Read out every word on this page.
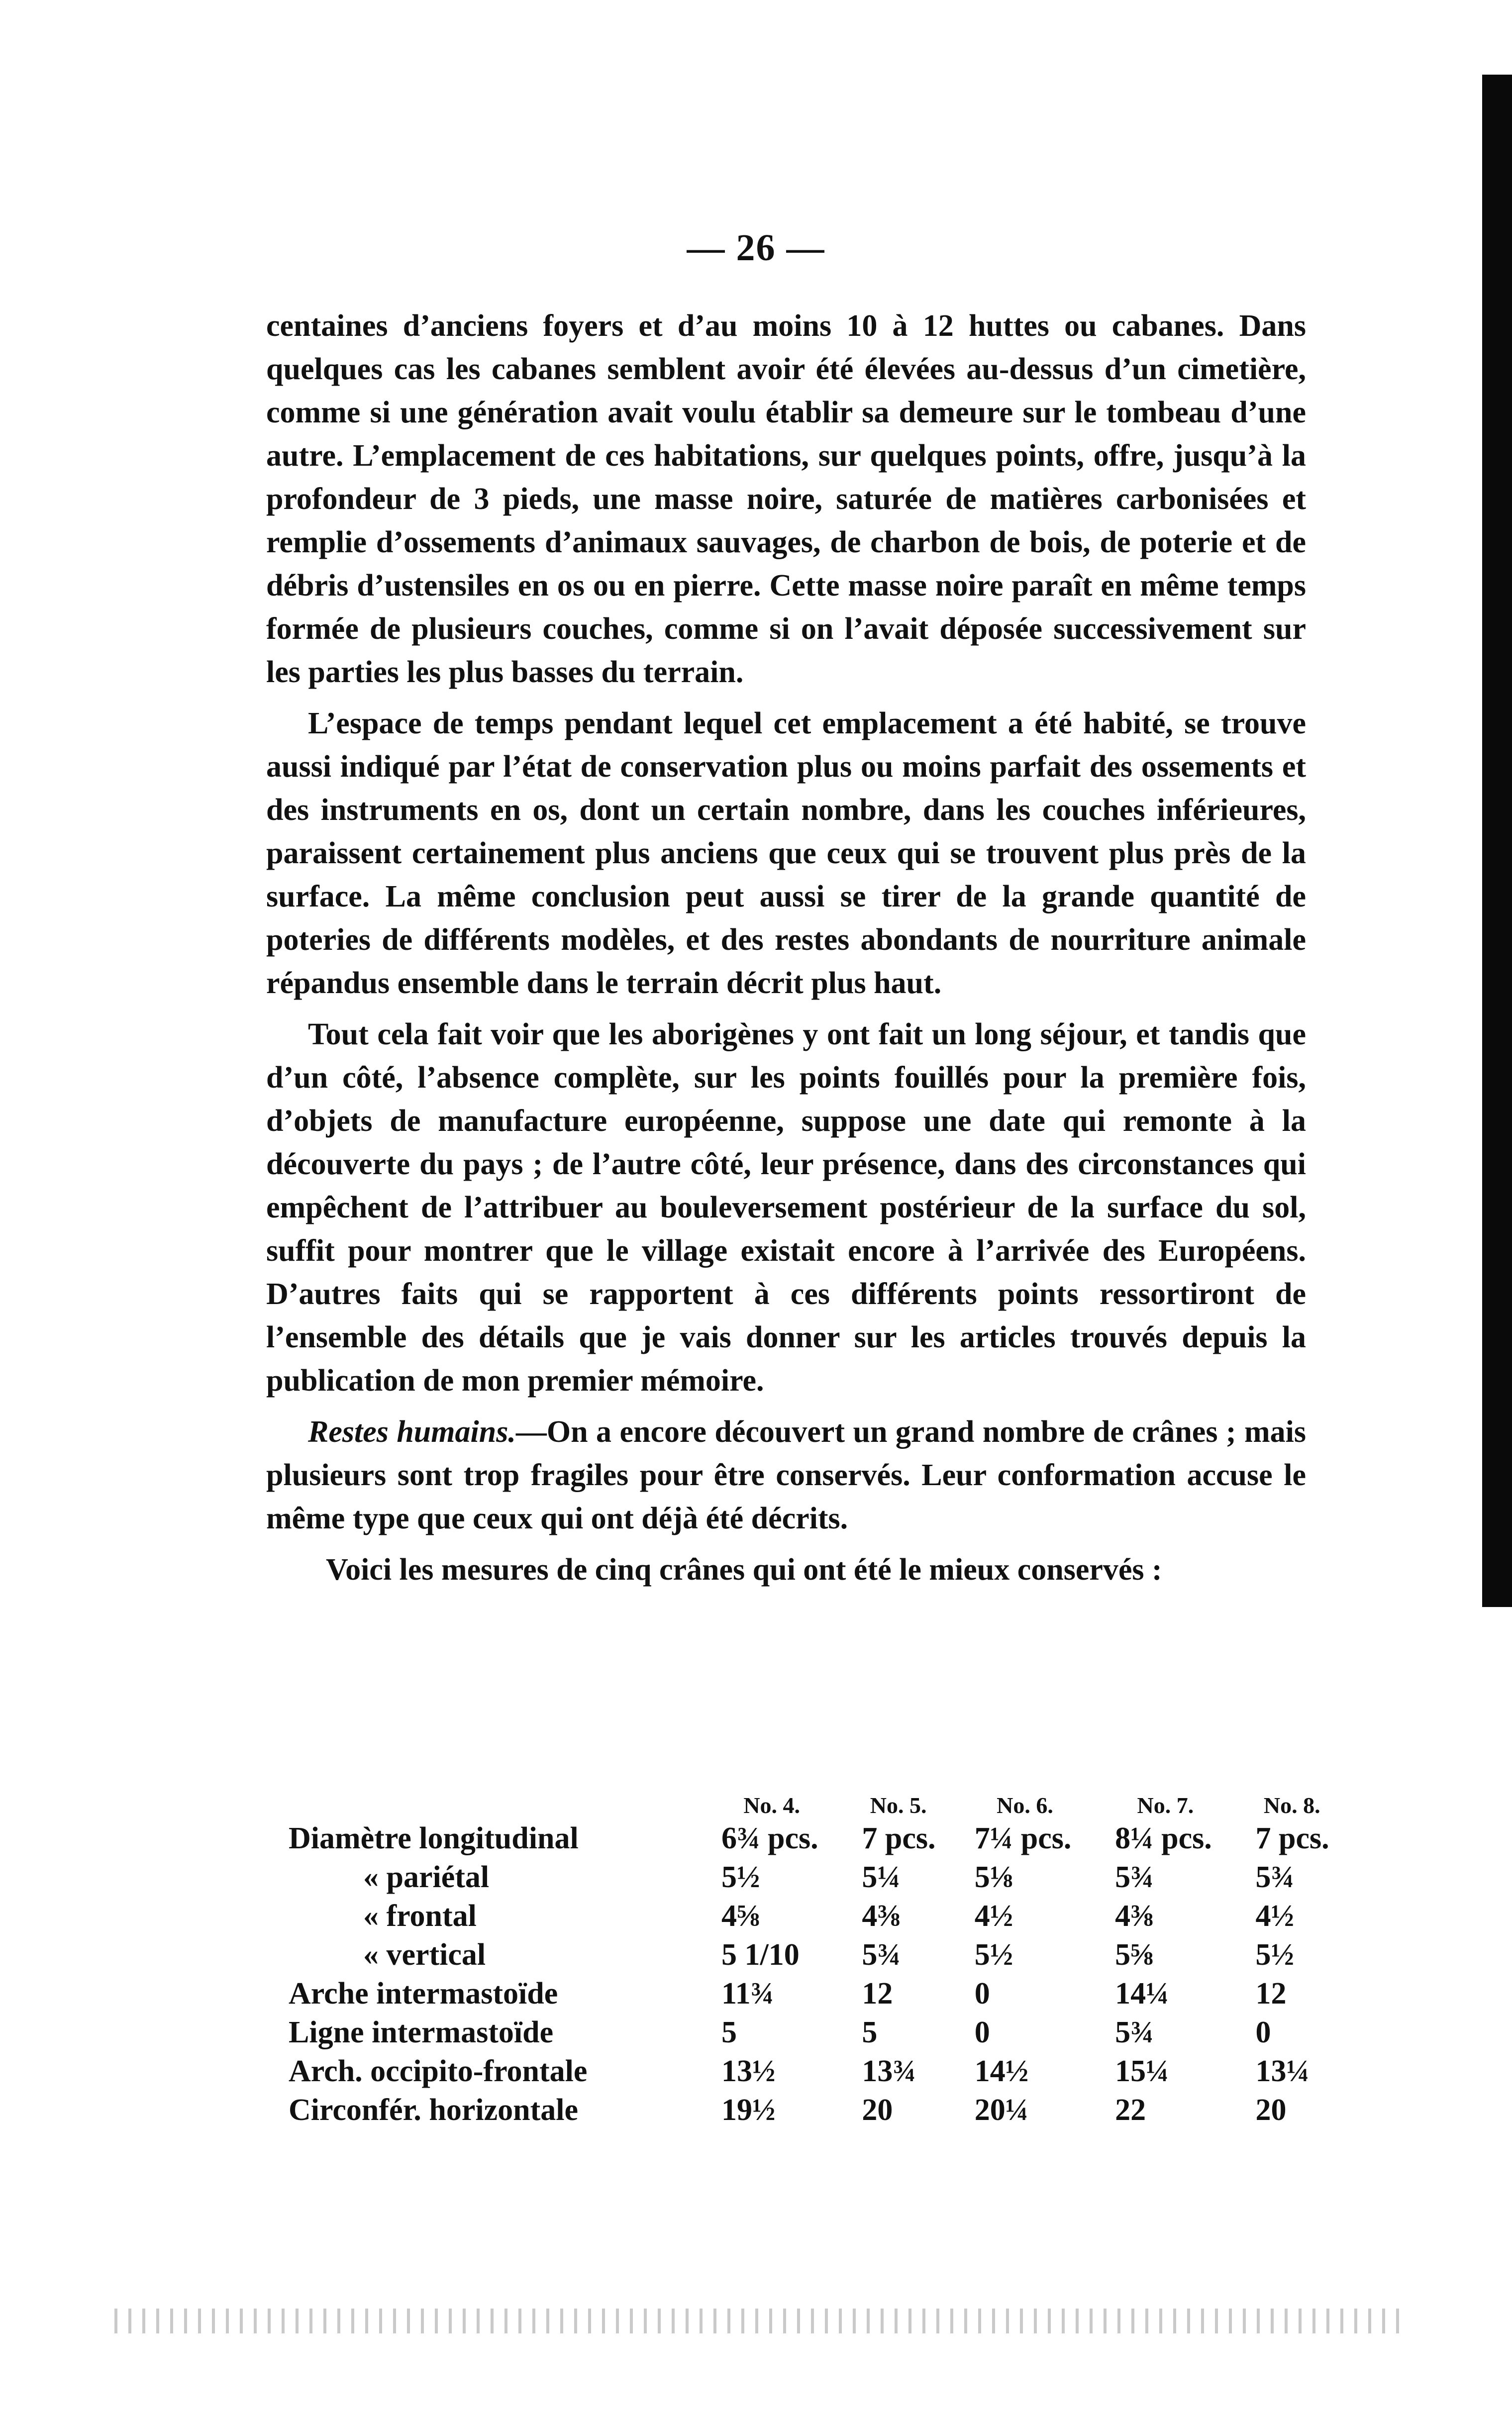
— 26 —

centaines d’anciens foyers et d’au moins 10 à 12 huttes ou cabanes. Dans quelques cas les cabanes semblent avoir été élevées au-dessus d’un cimetière, comme si une génération avait voulu établir sa demeure sur le tombeau d’une autre. L’emplacement de ces habitations, sur quelques points, offre, jusqu’à la profondeur de 3 pieds, une masse noire, saturée de matières carbonisées et remplie d’ossements d’animaux sauvages, de charbon de bois, de poterie et de débris d’ustensiles en os ou en pierre. Cette masse noire paraît en même temps formée de plusieurs couches, comme si on l’avait déposée successivement sur les parties les plus basses du terrain.

L’espace de temps pendant lequel cet emplacement a été habité, se trouve aussi indiqué par l’état de conservation plus ou moins parfait des ossements et des instruments en os, dont un certain nombre, dans les couches inférieures, paraissent certainement plus anciens que ceux qui se trouvent plus près de la surface. La même conclusion peut aussi se tirer de la grande quantité de poteries de différents modèles, et des restes abondants de nourriture animale répandus ensemble dans le terrain décrit plus haut.

Tout cela fait voir que les aborigènes y ont fait un long séjour, et tandis que d’un côté, l’absence complète, sur les points fouillés pour la première fois, d’objets de manufacture européenne, suppose une date qui remonte à la découverte du pays ; de l’autre côté, leur présence, dans des circonstances qui empêchent de l’attribuer au bouleversement postérieur de la surface du sol, suffit pour montrer que le village existait encore à l’arrivée des Européens. D’autres faits qui se rapportent à ces différents points ressortiront de l’ensemble des détails que je vais donner sur les articles trouvés depuis la publication de mon premier mémoire.

Restes humains.—On a encore découvert un grand nombre de crânes ; mais plusieurs sont trop fragiles pour être conservés. Leur conformation accuse le même type que ceux qui ont déjà été décrits.

Voici les mesures de cinq crânes qui ont été le mieux conservés :

	No. 4.	No. 5.	No. 6.	No. 7.	No. 8.
Diamètre longitudinal	6¾ pcs.	7 pcs.	7¼ pcs.	8¼ pcs.	7 pcs.
« pariétal	5½	5¼	5⅛	5¾	5¾
« frontal	4⅝	4⅜	4½	4⅜	4½
« vertical	5 1/10	5¾	5½	5⅝	5½
Arche intermastoïde	11¾	12	0	14¼	12
Ligne intermastoïde	5	5	0	5¾	0
Arch. occipito-frontale	13½	13¾	14½	15¼	13¼
Circonfér. horizontale	19½	20	20¼	22	20
